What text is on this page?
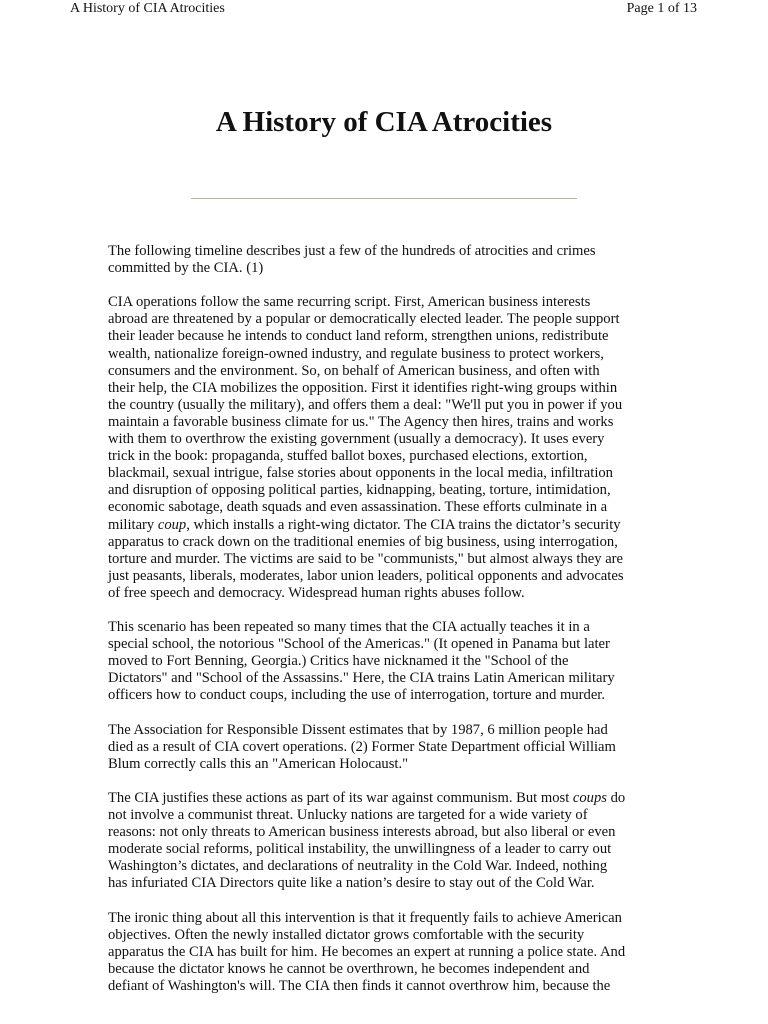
A History of CIA Atrocities	Page 1 of 13
A History of CIA Atrocities

The following timeline describes just a few of the hundreds of atrocities and crimes
committed by the CIA. (1)

CIA operations follow the same recurring script. First, American business interests
abroad are threatened by a popular or democratically elected leader. The people support
their leader because he intends to conduct land reform, strengthen unions, redistribute
wealth, nationalize foreign-owned industry, and regulate business to protect workers,
consumers and the environment. So, on behalf of American business, and often with
their help, the CIA mobilizes the opposition. First it identifies right-wing groups within
the country (usually the military), and offers them a deal: "We'll put you in power if you
maintain a favorable business climate for us." The Agency then hires, trains and works
with them to overthrow the existing government (usually a democracy). It uses every
trick in the book: propaganda, stuffed ballot boxes, purchased elections, extortion,
blackmail, sexual intrigue, false stories about opponents in the local media, infiltration
and disruption of opposing political parties, kidnapping, beating, torture, intimidation,
economic sabotage, death squads and even assassination. These efforts culminate in a
military coup, which installs a right-wing dictator. The CIA trains the dictator’s security
apparatus to crack down on the traditional enemies of big business, using interrogation,
torture and murder. The victims are said to be "communists," but almost always they are
just peasants, liberals, moderates, labor union leaders, political opponents and advocates
of free speech and democracy. Widespread human rights abuses follow.

This scenario has been repeated so many times that the CIA actually teaches it in a
special school, the notorious "School of the Americas." (It opened in Panama but later
moved to Fort Benning, Georgia.) Critics have nicknamed it the "School of the
Dictators" and "School of the Assassins." Here, the CIA trains Latin American military
officers how to conduct coups, including the use of interrogation, torture and murder.

The Association for Responsible Dissent estimates that by 1987, 6 million people had
died as a result of CIA covert operations. (2) Former State Department official William
Blum correctly calls this an "American Holocaust."

The CIA justifies these actions as part of its war against communism. But most coups do
not involve a communist threat. Unlucky nations are targeted for a wide variety of
reasons: not only threats to American business interests abroad, but also liberal or even
moderate social reforms, political instability, the unwillingness of a leader to carry out
Washington’s dictates, and declarations of neutrality in the Cold War. Indeed, nothing
has infuriated CIA Directors quite like a nation’s desire to stay out of the Cold War.

The ironic thing about all this intervention is that it frequently fails to achieve American
objectives. Often the newly installed dictator grows comfortable with the security
apparatus the CIA has built for him. He becomes an expert at running a police state. And
because the dictator knows he cannot be overthrown, he becomes independent and
defiant of Washington's will. The CIA then finds it cannot overthrow him, because the
